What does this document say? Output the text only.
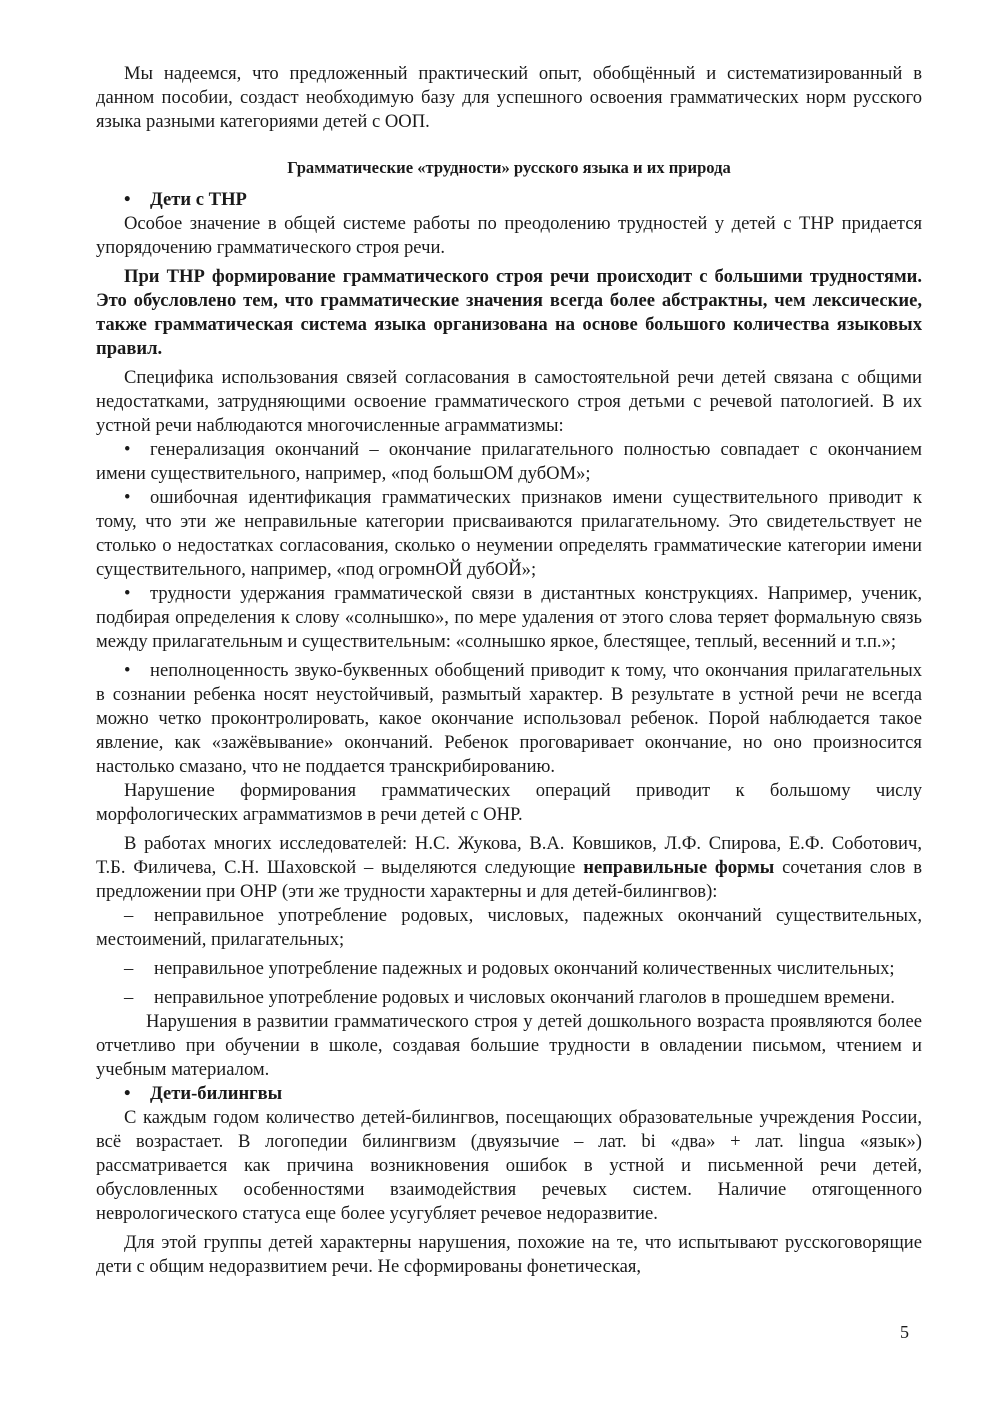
Мы надеемся, что предложенный практический опыт, обобщённый и систематизированный в данном пособии, создаст необходимую базу для успешного освоения грамматических норм русского языка разными категориями детей с ООП.

Грамматические «трудности» русского языка и их природа

• Дети с ТНР

Особое значение в общей системе работы по преодолению трудностей у детей с ТНР придается упорядочению грамматического строя речи.

При ТНР формирование грамматического строя речи происходит с большими трудностями. Это обусловлено тем, что грамматические значения всегда более абстрактны, чем лексические, также грамматическая система языка организована на основе большого количества языковых правил.

Специфика использования связей согласования в самостоятельной речи детей связана с общими недостатками, затрудняющими освоение грамматического строя детьми с речевой патологией. В их устной речи наблюдаются многочисленные аграмматизмы:

• генерализация окончаний – окончание прилагательного полностью совпадает с окончанием имени существительного, например, «под большОМ дубОМ»;

• ошибочная идентификация грамматических признаков имени существительного приводит к тому, что эти же неправильные категории присваиваются прилагательному. Это свидетельствует не столько о недостатках согласования, сколько о неумении определять грамматические категории имени существительного, например, «под огромнОЙ дубОЙ»;

• трудности удержания грамматической связи в дистантных конструкциях. Например, ученик, подбирая определения к слову «солнышко», по мере удаления от этого слова теряет формальную связь между прилагательным и существительным: «солнышко яркое, блестящее, теплый, весенний и т.п.»;

• неполноценность звуко-буквенных обобщений приводит к тому, что окончания прилагательных в сознании ребенка носят неустойчивый, размытый характер. В результате в устной речи не всегда можно четко проконтролировать, какое окончание использовал ребенок. Порой наблюдается такое явление, как «зажёвывание» окончаний. Ребенок проговаривает окончание, но оно произносится настолько смазано, что не поддается транскрибированию.

Нарушение формирования грамматических операций приводит к большому числу морфологических аграмматизмов в речи детей с ОНР.

В работах многих исследователей: Н.С. Жукова, В.А. Ковшиков, Л.Ф. Спирова, Е.Ф. Соботович, Т.Б. Филичева, С.Н. Шаховской – выделяются следующие неправильные формы сочетания слов в предложении при ОНР (эти же трудности характерны и для детей-билингвов):

– неправильное употребление родовых, числовых, падежных окончаний существительных, местоимений, прилагательных;

– неправильное употребление падежных и родовых окончаний количественных числительных;

– неправильное употребление родовых и числовых окончаний глаголов в прошедшем времени.

Нарушения в развитии грамматического строя у детей дошкольного возраста проявляются более отчетливо при обучении в школе, создавая большие трудности в овладении письмом, чтением и учебным материалом.

• Дети-билингвы

С каждым годом количество детей-билингвов, посещающих образовательные учреждения России, всё возрастает. В логопедии билингвизм (двуязычие – лат. bi «два» + лат. lingua «язык») рассматривается как причина возникновения ошибок в устной и письменной речи детей, обусловленных особенностями взаимодействия речевых систем. Наличие отягощенного неврологического статуса еще более усугубляет речевое недоразвитие.

Для этой группы детей характерны нарушения, похожие на те, что испытывают русскоговорящие дети с общим недоразвитием речи. Не сформированы фонетическая,

5
